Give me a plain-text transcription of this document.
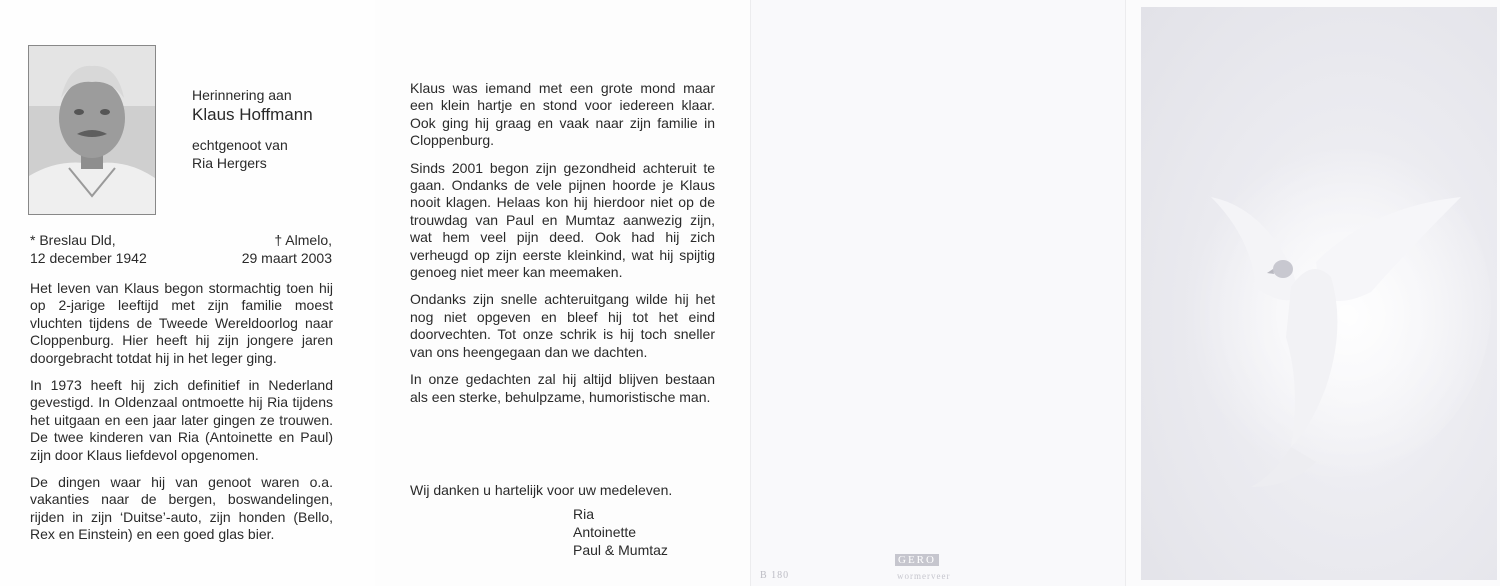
Herinnering aan
Klaus Hoffmann
echtgenoot van
Ria Hergers
* Breslau Dld,
12 december 1942
† Almelo,
29 maart 2003

Het leven van Klaus begon stormachtig toen hij op 2-jarige leeftijd met zijn familie moest vluchten tijdens de Tweede Wereldoorlog naar Cloppenburg. Hier heeft hij zijn jongere jaren doorgebracht totdat hij in het leger ging.

In 1973 heeft hij zich definitief in Nederland gevestigd. In Oldenzaal ontmoette hij Ria tijdens het uitgaan en een jaar later gingen ze trouwen. De twee kinderen van Ria (Antoinette en Paul) zijn door Klaus liefdevol opgenomen.

De dingen waar hij van genoot waren o.a. vakanties naar de bergen, boswandelingen, rijden in zijn ‘Duitse’-auto, zijn honden (Bello, Rex en Einstein) en een goed glas bier.

Klaus was iemand met een grote mond maar een klein hartje en stond voor iedereen klaar. Ook ging hij graag en vaak naar zijn familie in Cloppenburg.

Sinds 2001 begon zijn gezondheid achteruit te gaan. Ondanks de vele pijnen hoorde je Klaus nooit klagen. Helaas kon hij hierdoor niet op de trouwdag van Paul en Mumtaz aanwezig zijn, wat hem veel pijn deed. Ook had hij zich verheugd op zijn eerste kleinkind, wat hij spijtig genoeg niet meer kan meemaken.

Ondanks zijn snelle achteruitgang wilde hij het nog niet opgeven en bleef hij tot het eind doorvechten. Tot onze schrik is hij toch sneller van ons heengegaan dan we dachten.

In onze gedachten zal hij altijd blijven bestaan als een sterke, behulpzame, humoristische man.

Wij danken u hartelijk voor uw medeleven.
Ria
Antoinette
Paul & Mumtaz
B 180
GERO
wormerveer
